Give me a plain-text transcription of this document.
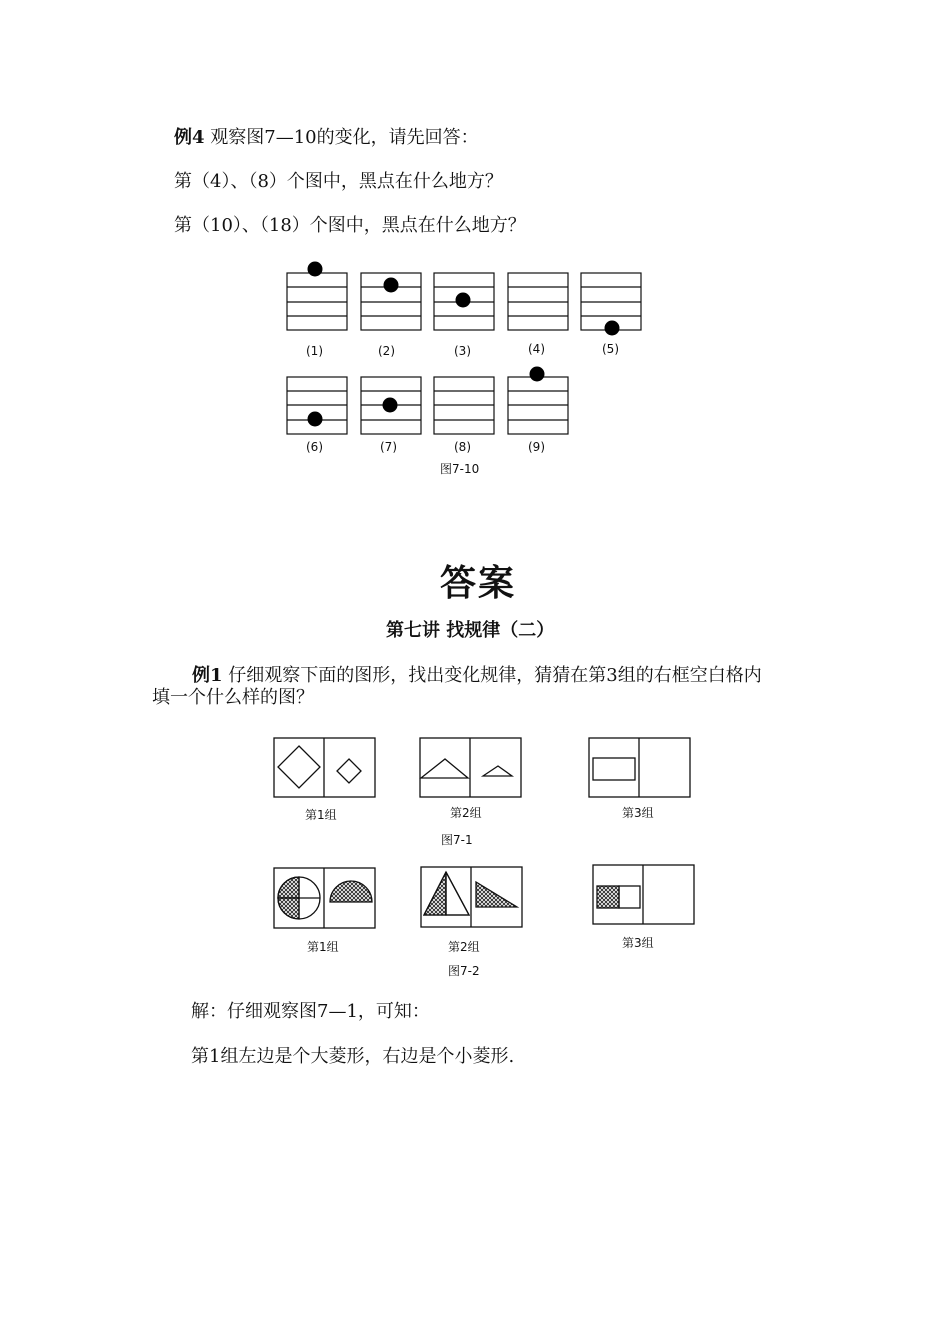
例4 观察图7—10的变化，请先回答：
第（4）、（8）个图中，黑点在什么地方？
第（10）、（18）个图中，黑点在什么地方？
(1)	(2)	(3)	(4)	(5)
(6)	(7)	(8)	(9)
图7-10
答案
第七讲 找规律（二）
例1 仔细观察下面的图形，找出变化规律，猜猜在第3组的右框空白格内
填一个什么样的图？
第1组	第2组	第3组
图7-1
第1组	第2组	第3组
图7-2
解：仔细观察图7—1，可知：
第1组左边是个大菱形，右边是个小菱形.
